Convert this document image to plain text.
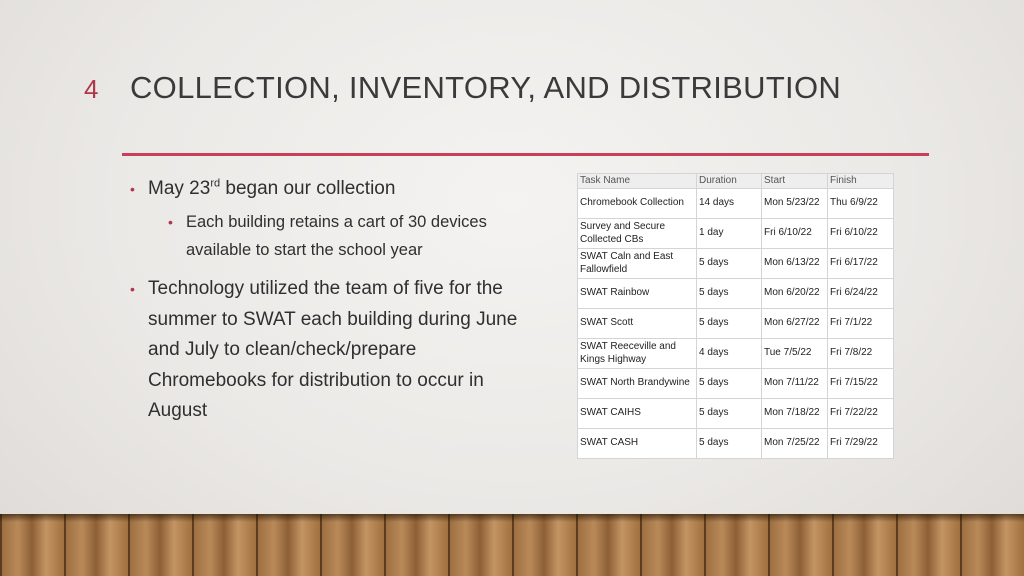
4 COLLECTION, INVENTORY, AND DISTRIBUTION
• May 23rd began our collection
• Each building retains a cart of 30 devices available to start the school year
• Technology utilized the team of five for the summer to SWAT each building during June and July to clean/check/prepare Chromebooks for distribution to occur in August
Task Name	Duration	Start	Finish
Chromebook Collection	14 days	Mon 5/23/22	Thu 6/9/22
Survey and Secure Collected CBs	1 day	Fri 6/10/22	Fri 6/10/22
SWAT Caln and East Fallowfield	5 days	Mon 6/13/22	Fri 6/17/22
SWAT Rainbow	5 days	Mon 6/20/22	Fri 6/24/22
SWAT Scott	5 days	Mon 6/27/22	Fri 7/1/22
SWAT Reeceville and Kings Highway	4 days	Tue 7/5/22	Fri 7/8/22
SWAT North Brandywine	5 days	Mon 7/11/22	Fri 7/15/22
SWAT CAIHS	5 days	Mon 7/18/22	Fri 7/22/22
SWAT CASH	5 days	Mon 7/25/22	Fri 7/29/22
